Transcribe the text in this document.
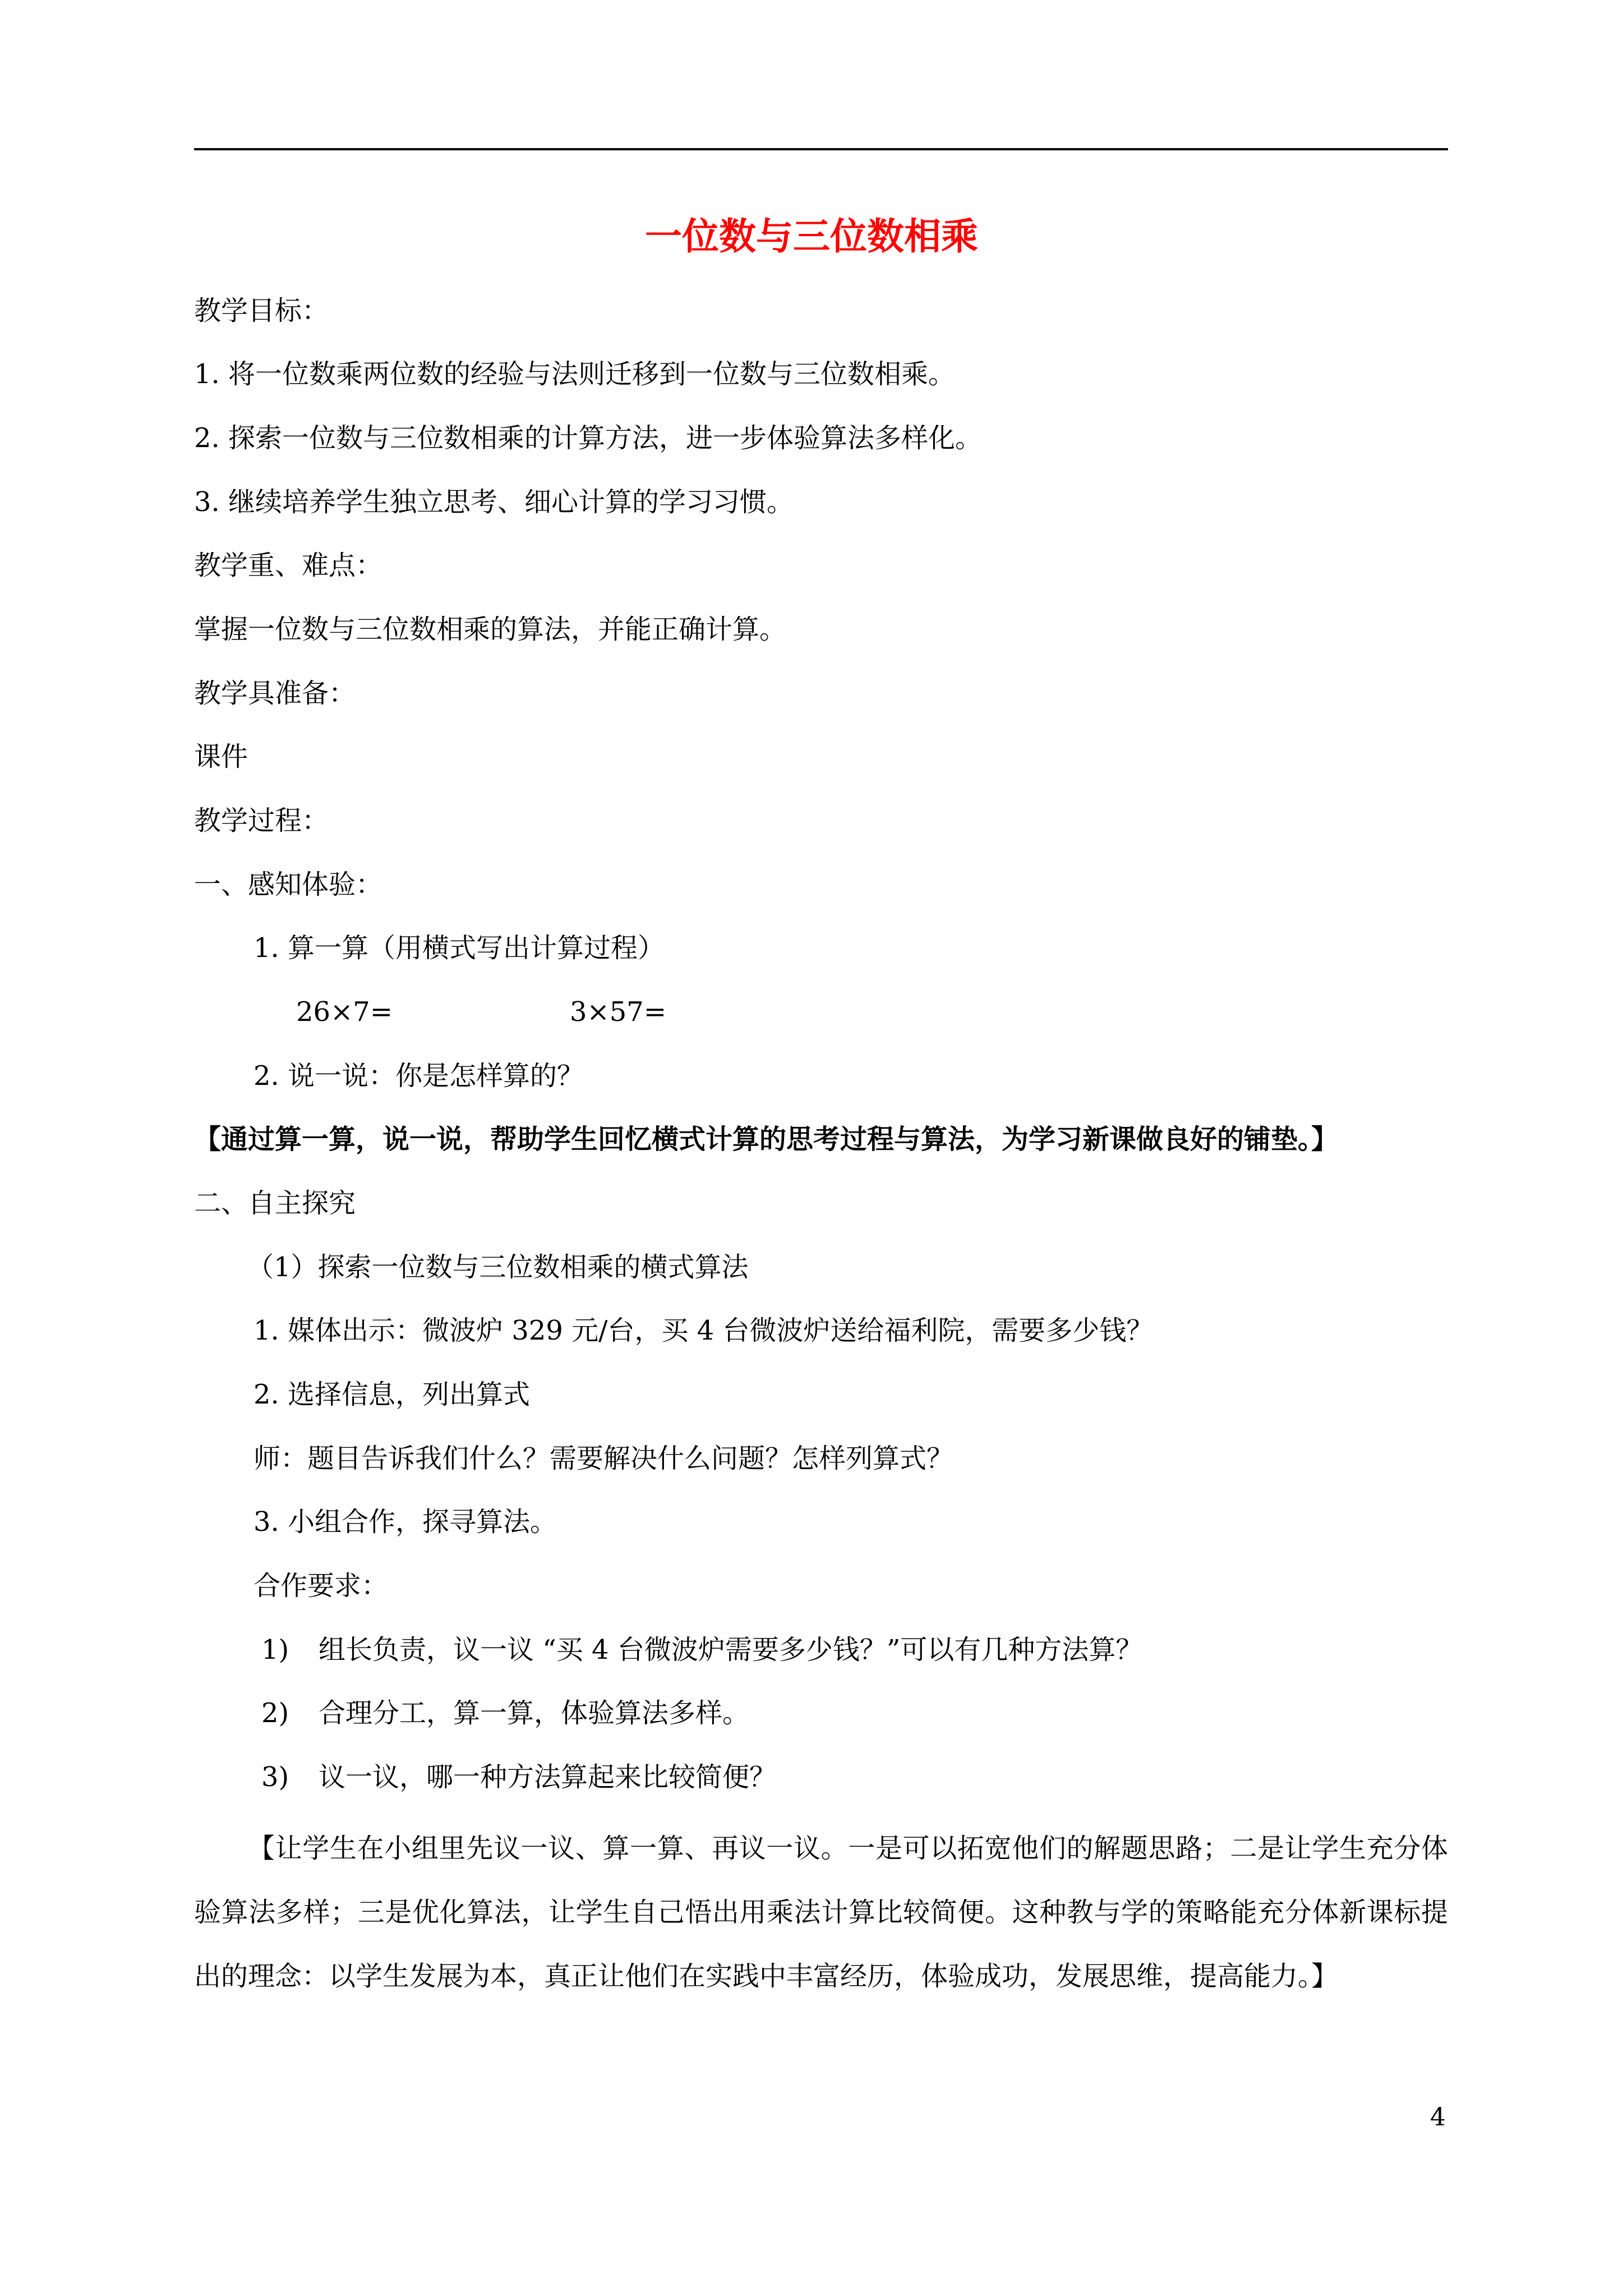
一位数与三位数相乘
教学目标：
1. 将一位数乘两位数的经验与法则迁移到一位数与三位数相乘。
2. 探索一位数与三位数相乘的计算方法，进一步体验算法多样化。
3. 继续培养学生独立思考、细心计算的学习习惯。
教学重、难点：
掌握一位数与三位数相乘的算法，并能正确计算。
教学具准备：
课件
教学过程：
一、感知体验：
1. 算一算（用横式写出计算过程）
26×7=	3×57=
2. 说一说：你是怎样算的？
【通过算一算，说一说，帮助学生回忆横式计算的思考过程与算法，为学习新课做良好的铺垫。】
二、自主探究
（1）探索一位数与三位数相乘的横式算法
1. 媒体出示：微波炉 329 元/台，买 4 台微波炉送给福利院，需要多少钱？
2. 选择信息，列出算式
师：题目告诉我们什么？需要解决什么问题？怎样列算式？
3. 小组合作，探寻算法。
合作要求：
1) 组长负责，议一议 “买 4 台微波炉需要多少钱？”可以有几种方法算？
2) 合理分工，算一算，体验算法多样。
3) 议一议，哪一种方法算起来比较简便？
【让学生在小组里先议一议、算一算、再议一议。一是可以拓宽他们的解题思路；二是让学生充分体验算法多样；三是优化算法，让学生自己悟出用乘法计算比较简便。这种教与学的策略能充分体新课标提出的理念：以学生发展为本，真正让他们在实践中丰富经历，体验成功，发展思维，提高能力。】
4
